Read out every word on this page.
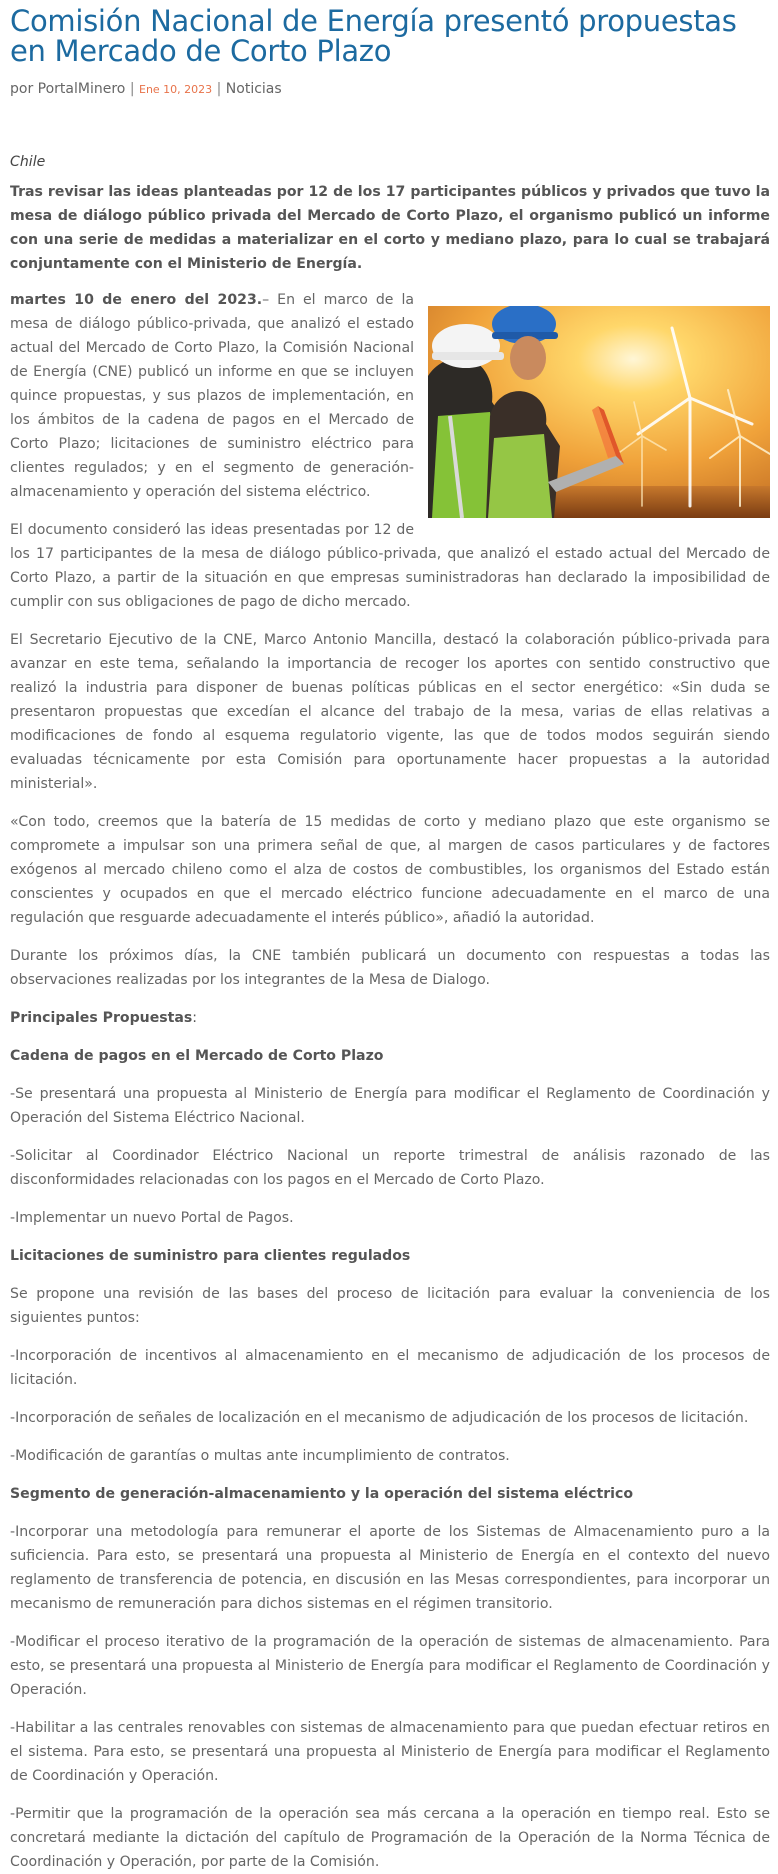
Comisión Nacional de Energía presentó propuestas en Mercado de Corto Plazo
por PortalMinero | Ene 10, 2023 | Noticias

Chile

Tras revisar las ideas planteadas por 12 de los 17 participantes públicos y privados que tuvo la mesa de diálogo público privada del Mercado de Corto Plazo, el organismo publicó un informe con una serie de medidas a materializar en el corto y mediano plazo, para lo cual se trabajará conjuntamente con el Ministerio de Energía.

martes 10 de enero del 2023.– En el marco de la mesa de diálogo público-privada, que analizó el estado actual del Mercado de Corto Plazo, la Comisión Nacional de Energía (CNE) publicó un informe en que se incluyen quince propuestas, y sus plazos de implementación, en los ámbitos de la cadena de pagos en el Mercado de Corto Plazo; licitaciones de suministro eléctrico para clientes regulados; y en el segmento de generación-almacenamiento y operación del sistema eléctrico.

El documento consideró las ideas presentadas por 12 de los 17 participantes de la mesa de diálogo público-privada, que analizó el estado actual del Mercado de Corto Plazo, a partir de la situación en que empresas suministradoras han declarado la imposibilidad de cumplir con sus obligaciones de pago de dicho mercado.

El Secretario Ejecutivo de la CNE, Marco Antonio Mancilla, destacó la colaboración público-privada para avanzar en este tema, señalando la importancia de recoger los aportes con sentido constructivo que realizó la industria para disponer de buenas políticas públicas en el sector energético: «Sin duda se presentaron propuestas que excedían el alcance del trabajo de la mesa, varias de ellas relativas a modificaciones de fondo al esquema regulatorio vigente, las que de todos modos seguirán siendo evaluadas técnicamente por esta Comisión para oportunamente hacer propuestas a la autoridad ministerial».

«Con todo, creemos que la batería de 15 medidas de corto y mediano plazo que este organismo se compromete a impulsar son una primera señal de que, al margen de casos particulares y de factores exógenos al mercado chileno como el alza de costos de combustibles, los organismos del Estado están conscientes y ocupados en que el mercado eléctrico funcione adecuadamente en el marco de una regulación que resguarde adecuadamente el interés público», añadió la autoridad.

Durante los próximos días, la CNE también publicará un documento con respuestas a todas las observaciones realizadas por los integrantes de la Mesa de Dialogo.

Principales Propuestas:

Cadena de pagos en el Mercado de Corto Plazo

-Se presentará una propuesta al Ministerio de Energía para modificar el Reglamento de Coordinación y Operación del Sistema Eléctrico Nacional.

-Solicitar al Coordinador Eléctrico Nacional un reporte trimestral de análisis razonado de las disconformidades relacionadas con los pagos en el Mercado de Corto Plazo.

-Implementar un nuevo Portal de Pagos.

Licitaciones de suministro para clientes regulados

Se propone una revisión de las bases del proceso de licitación para evaluar la conveniencia de los siguientes puntos:

-Incorporación de incentivos al almacenamiento en el mecanismo de adjudicación de los procesos de licitación.

-Incorporación de señales de localización en el mecanismo de adjudicación de los procesos de licitación.

-Modificación de garantías o multas ante incumplimiento de contratos.

Segmento de generación-almacenamiento y la operación del sistema eléctrico

-Incorporar una metodología para remunerar el aporte de los Sistemas de Almacenamiento puro a la suficiencia. Para esto, se presentará una propuesta al Ministerio de Energía en el contexto del nuevo reglamento de transferencia de potencia, en discusión en las Mesas correspondientes, para incorporar un mecanismo de remuneración para dichos sistemas en el régimen transitorio.

-Modificar el proceso iterativo de la programación de la operación de sistemas de almacenamiento. Para esto, se presentará una propuesta al Ministerio de Energía para modificar el Reglamento de Coordinación y Operación.

-Habilitar a las centrales renovables con sistemas de almacenamiento para que puedan efectuar retiros en el sistema. Para esto, se presentará una propuesta al Ministerio de Energía para modificar el Reglamento de Coordinación y Operación.

-Permitir que la programación de la operación sea más cercana a la operación en tiempo real. Esto se concretará mediante la dictación del capítulo de Programación de la Operación de la Norma Técnica de Coordinación y Operación, por parte de la Comisión.
